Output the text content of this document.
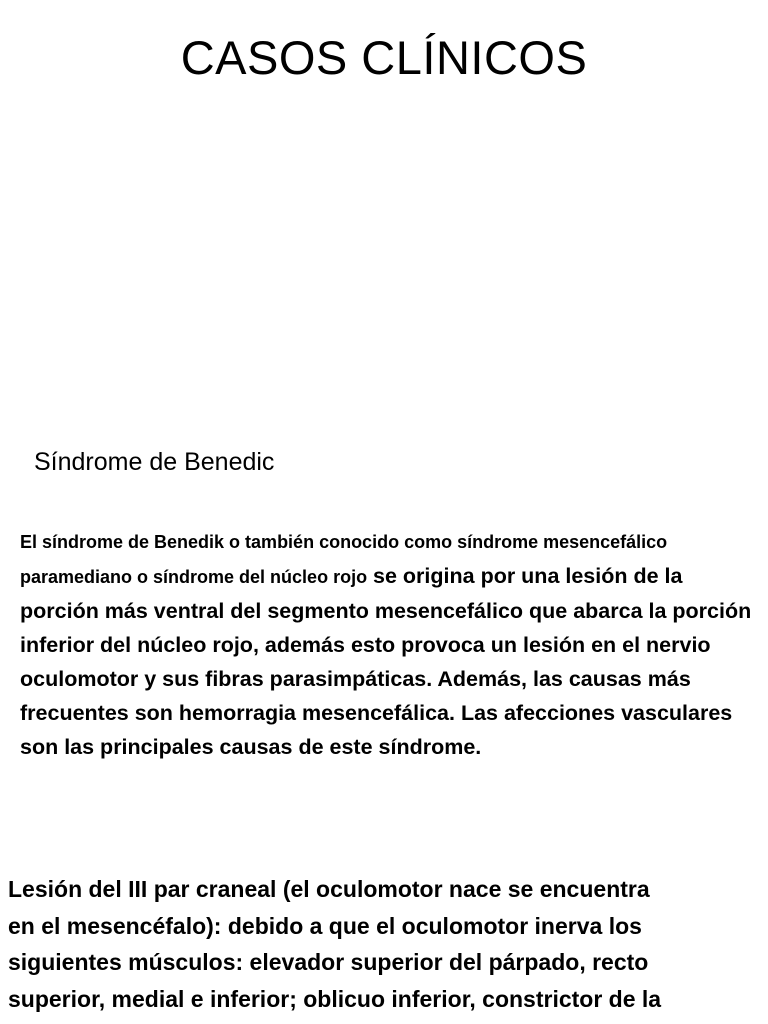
CASOS CLÍNICOS
Síndrome de Benedic

El síndrome de Benedik o también conocido como síndrome mesencefálico paramediano o síndrome del núcleo rojo se origina por una lesión de la porción más ventral del segmento mesencefálico que abarca la porción inferior del núcleo rojo, además esto provoca un lesión en el nervio oculomotor y sus fibras parasimpáticas. Además, las causas más frecuentes son hemorragia mesencefálica. Las afecciones vasculares son las principales causas de este síndrome.

Lesión del III par craneal (el oculomotor nace se encuentra
en el mesencéfalo): debido a que el oculomotor inerva los
siguientes músculos: elevador superior del párpado, recto
superior, medial e inferior; oblicuo inferior, constrictor de la
